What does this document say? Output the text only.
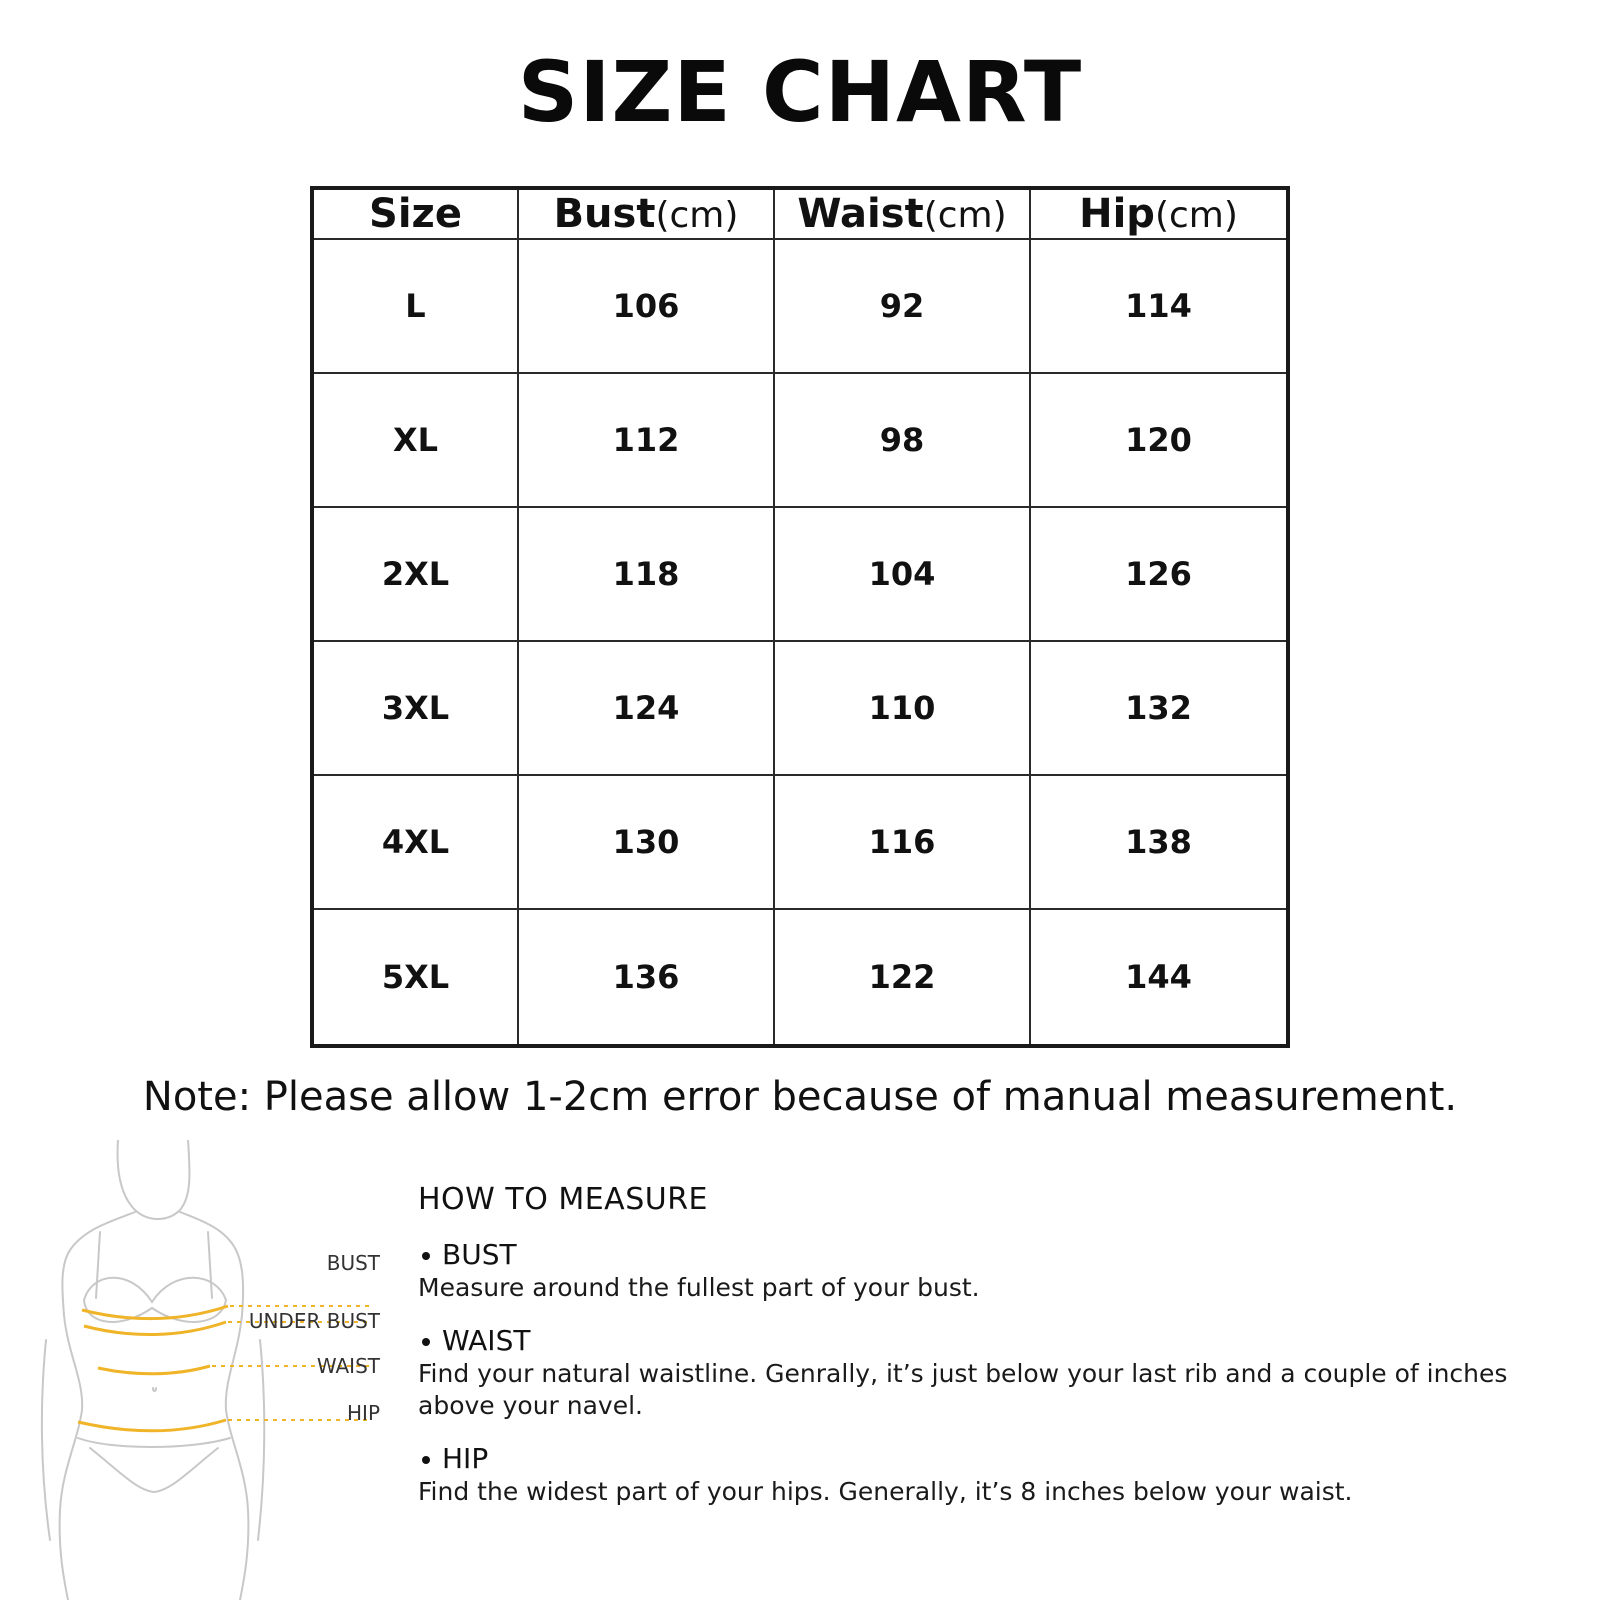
SIZE CHART
Size	Bust(cm)	Waist(cm)	Hip(cm)
L	106	92	114
XL	112	98	120
2XL	118	104	126
3XL	124	110	132
4XL	130	116	138
5XL	136	122	144
Note: Please allow 1-2cm error because of manual measurement.
BUST
UNDER BUST
WAIST
HIP
HOW TO MEASURE
BUST
Measure around the fullest part of your bust.
WAIST
Find your natural waistline. Genrally, it’s just below your last rib and a couple of inches above your navel.
HIP
Find the widest part of your hips. Generally, it’s 8 inches below your waist.
